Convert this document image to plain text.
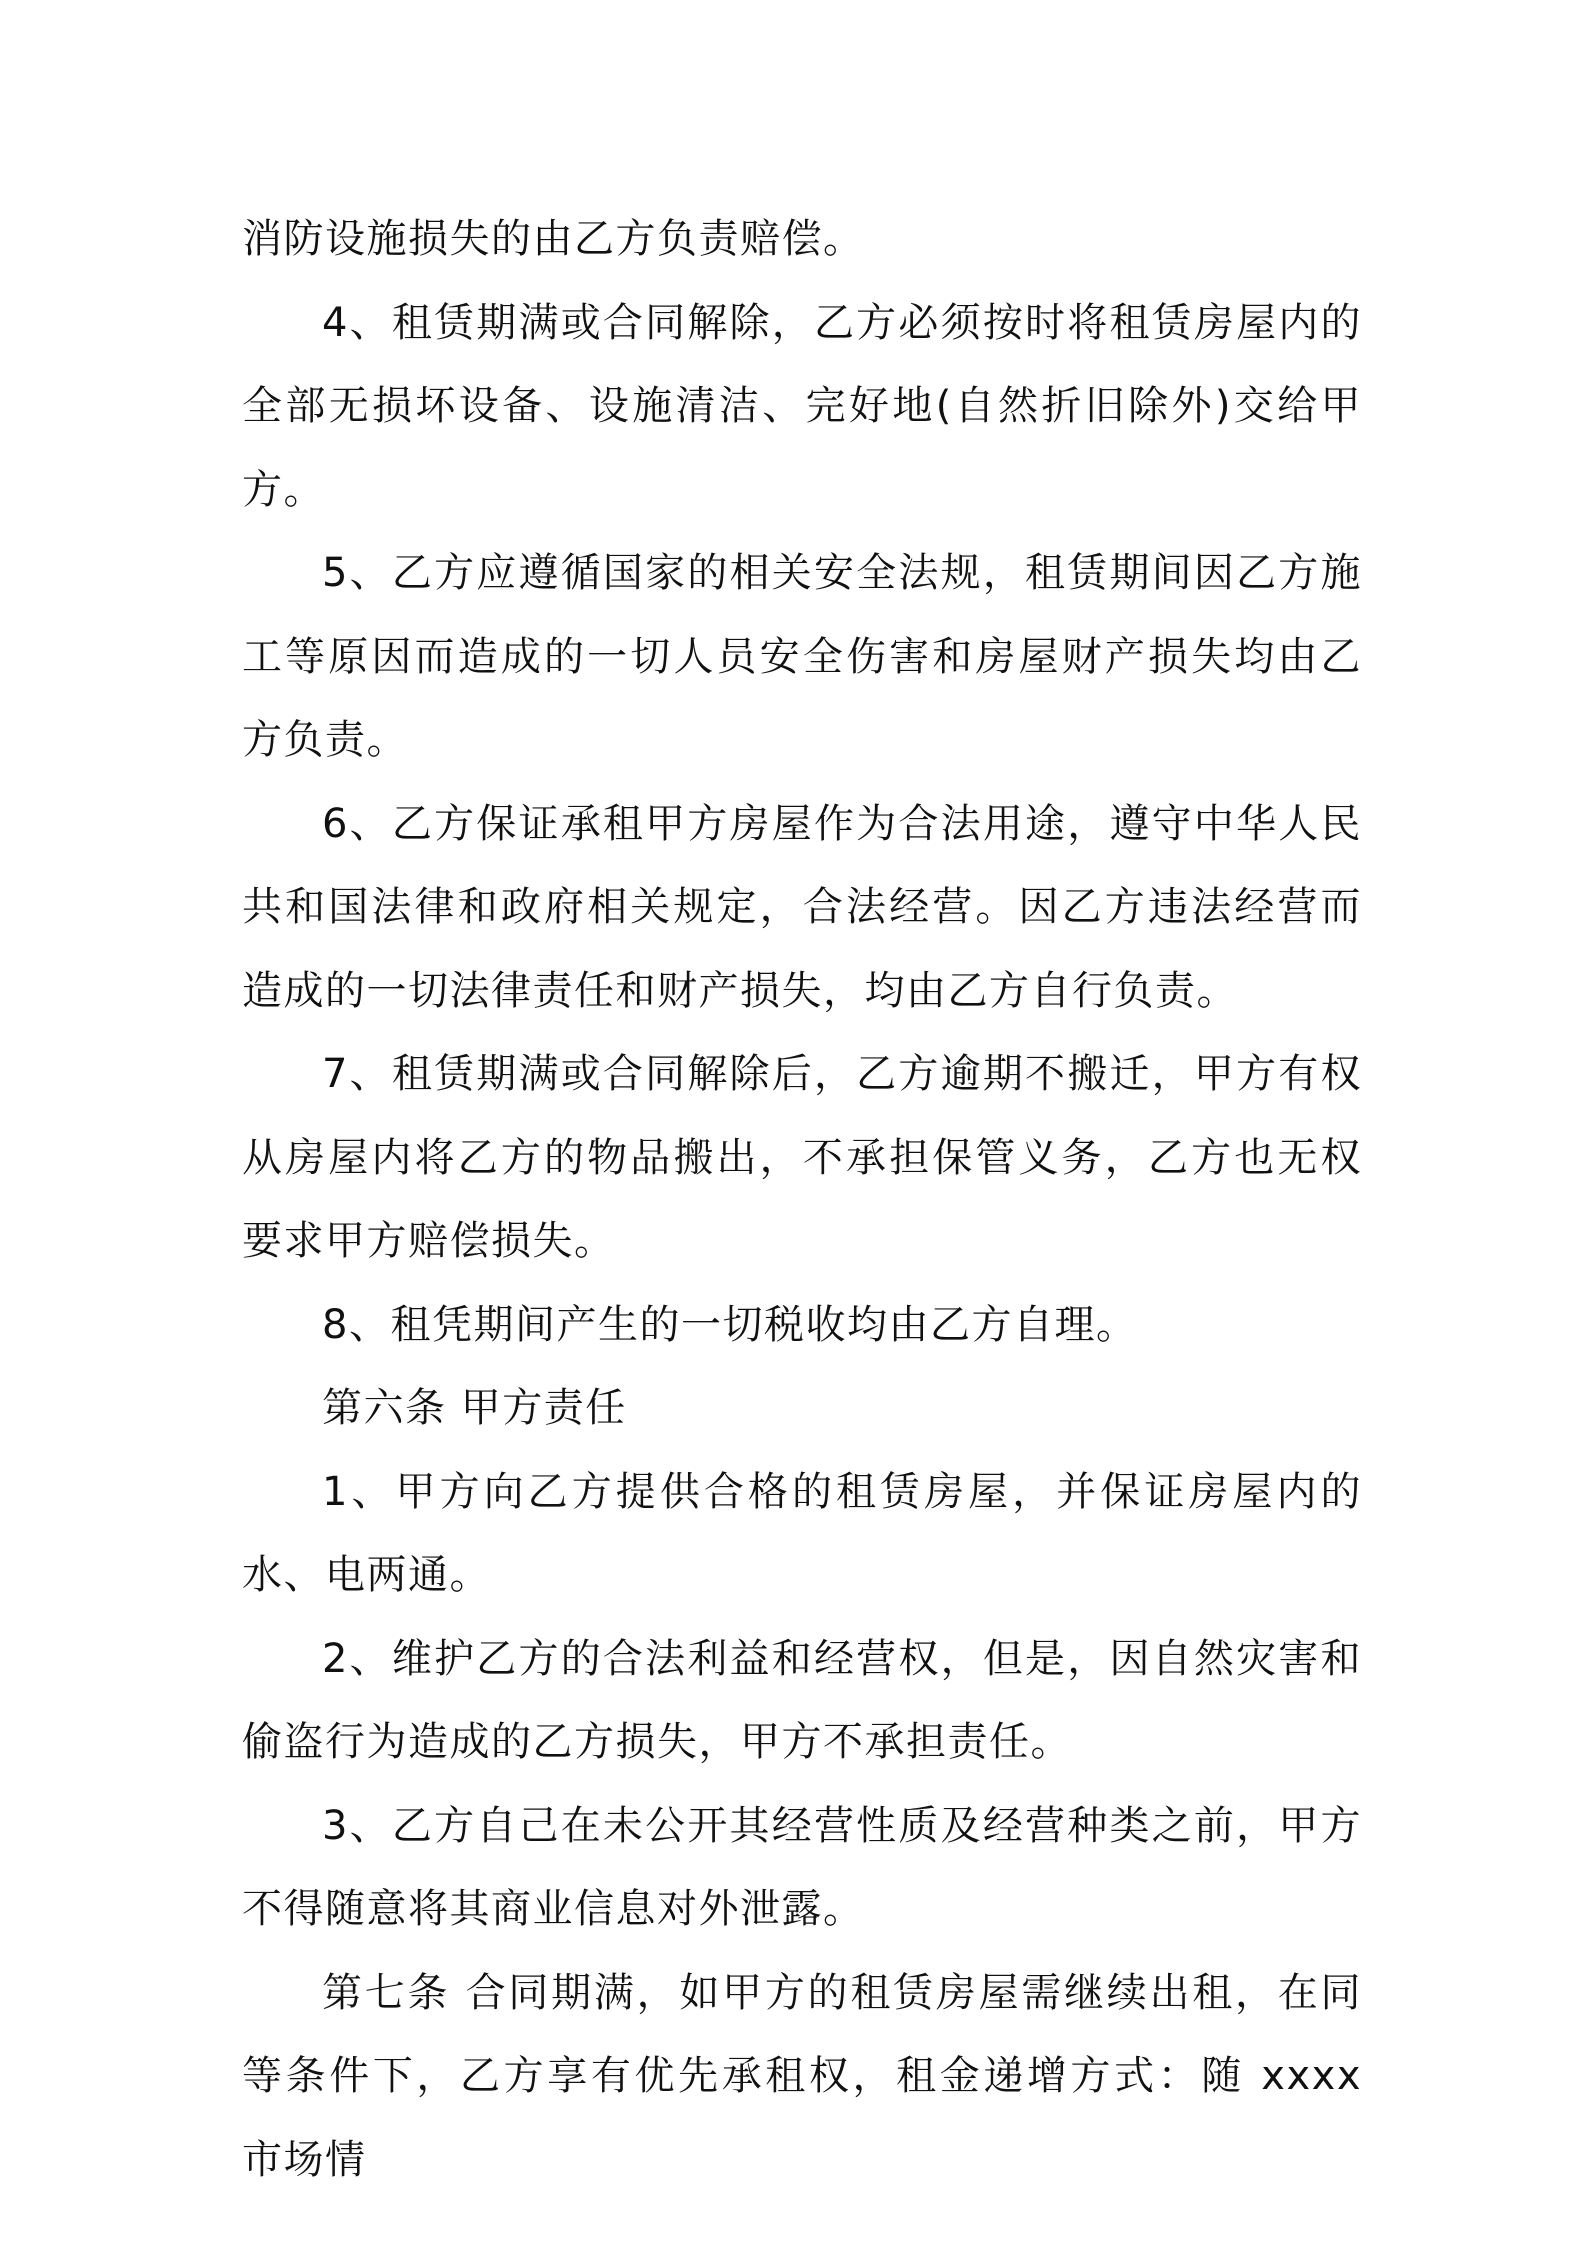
消防设施损失的由乙方负责赔偿。

4、租赁期满或合同解除，乙方必须按时将租赁房屋内的全部无损坏设备、设施清洁、完好地(自然折旧除外)交给甲方。

5、乙方应遵循国家的相关安全法规，租赁期间因乙方施工等原因而造成的一切人员安全伤害和房屋财产损失均由乙方负责。

6、乙方保证承租甲方房屋作为合法用途，遵守中华人民共和国法律和政府相关规定，合法经营。因乙方违法经营而造成的一切法律责任和财产损失，均由乙方自行负责。

7、租赁期满或合同解除后，乙方逾期不搬迁，甲方有权从房屋内将乙方的物品搬出，不承担保管义务，乙方也无权要求甲方赔偿损失。

8、租凭期间产生的一切税收均由乙方自理。

第六条 甲方责任

1、甲方向乙方提供合格的租赁房屋，并保证房屋内的水、电两通。

2、维护乙方的合法利益和经营权，但是，因自然灾害和偷盗行为造成的乙方损失，甲方不承担责任。

3、乙方自己在未公开其经营性质及经营种类之前，甲方不得随意将其商业信息对外泄露。

第七条 合同期满，如甲方的租赁房屋需继续出租，在同等条件下，乙方享有优先承租权，租金递增方式：随 xxxx 市场情
